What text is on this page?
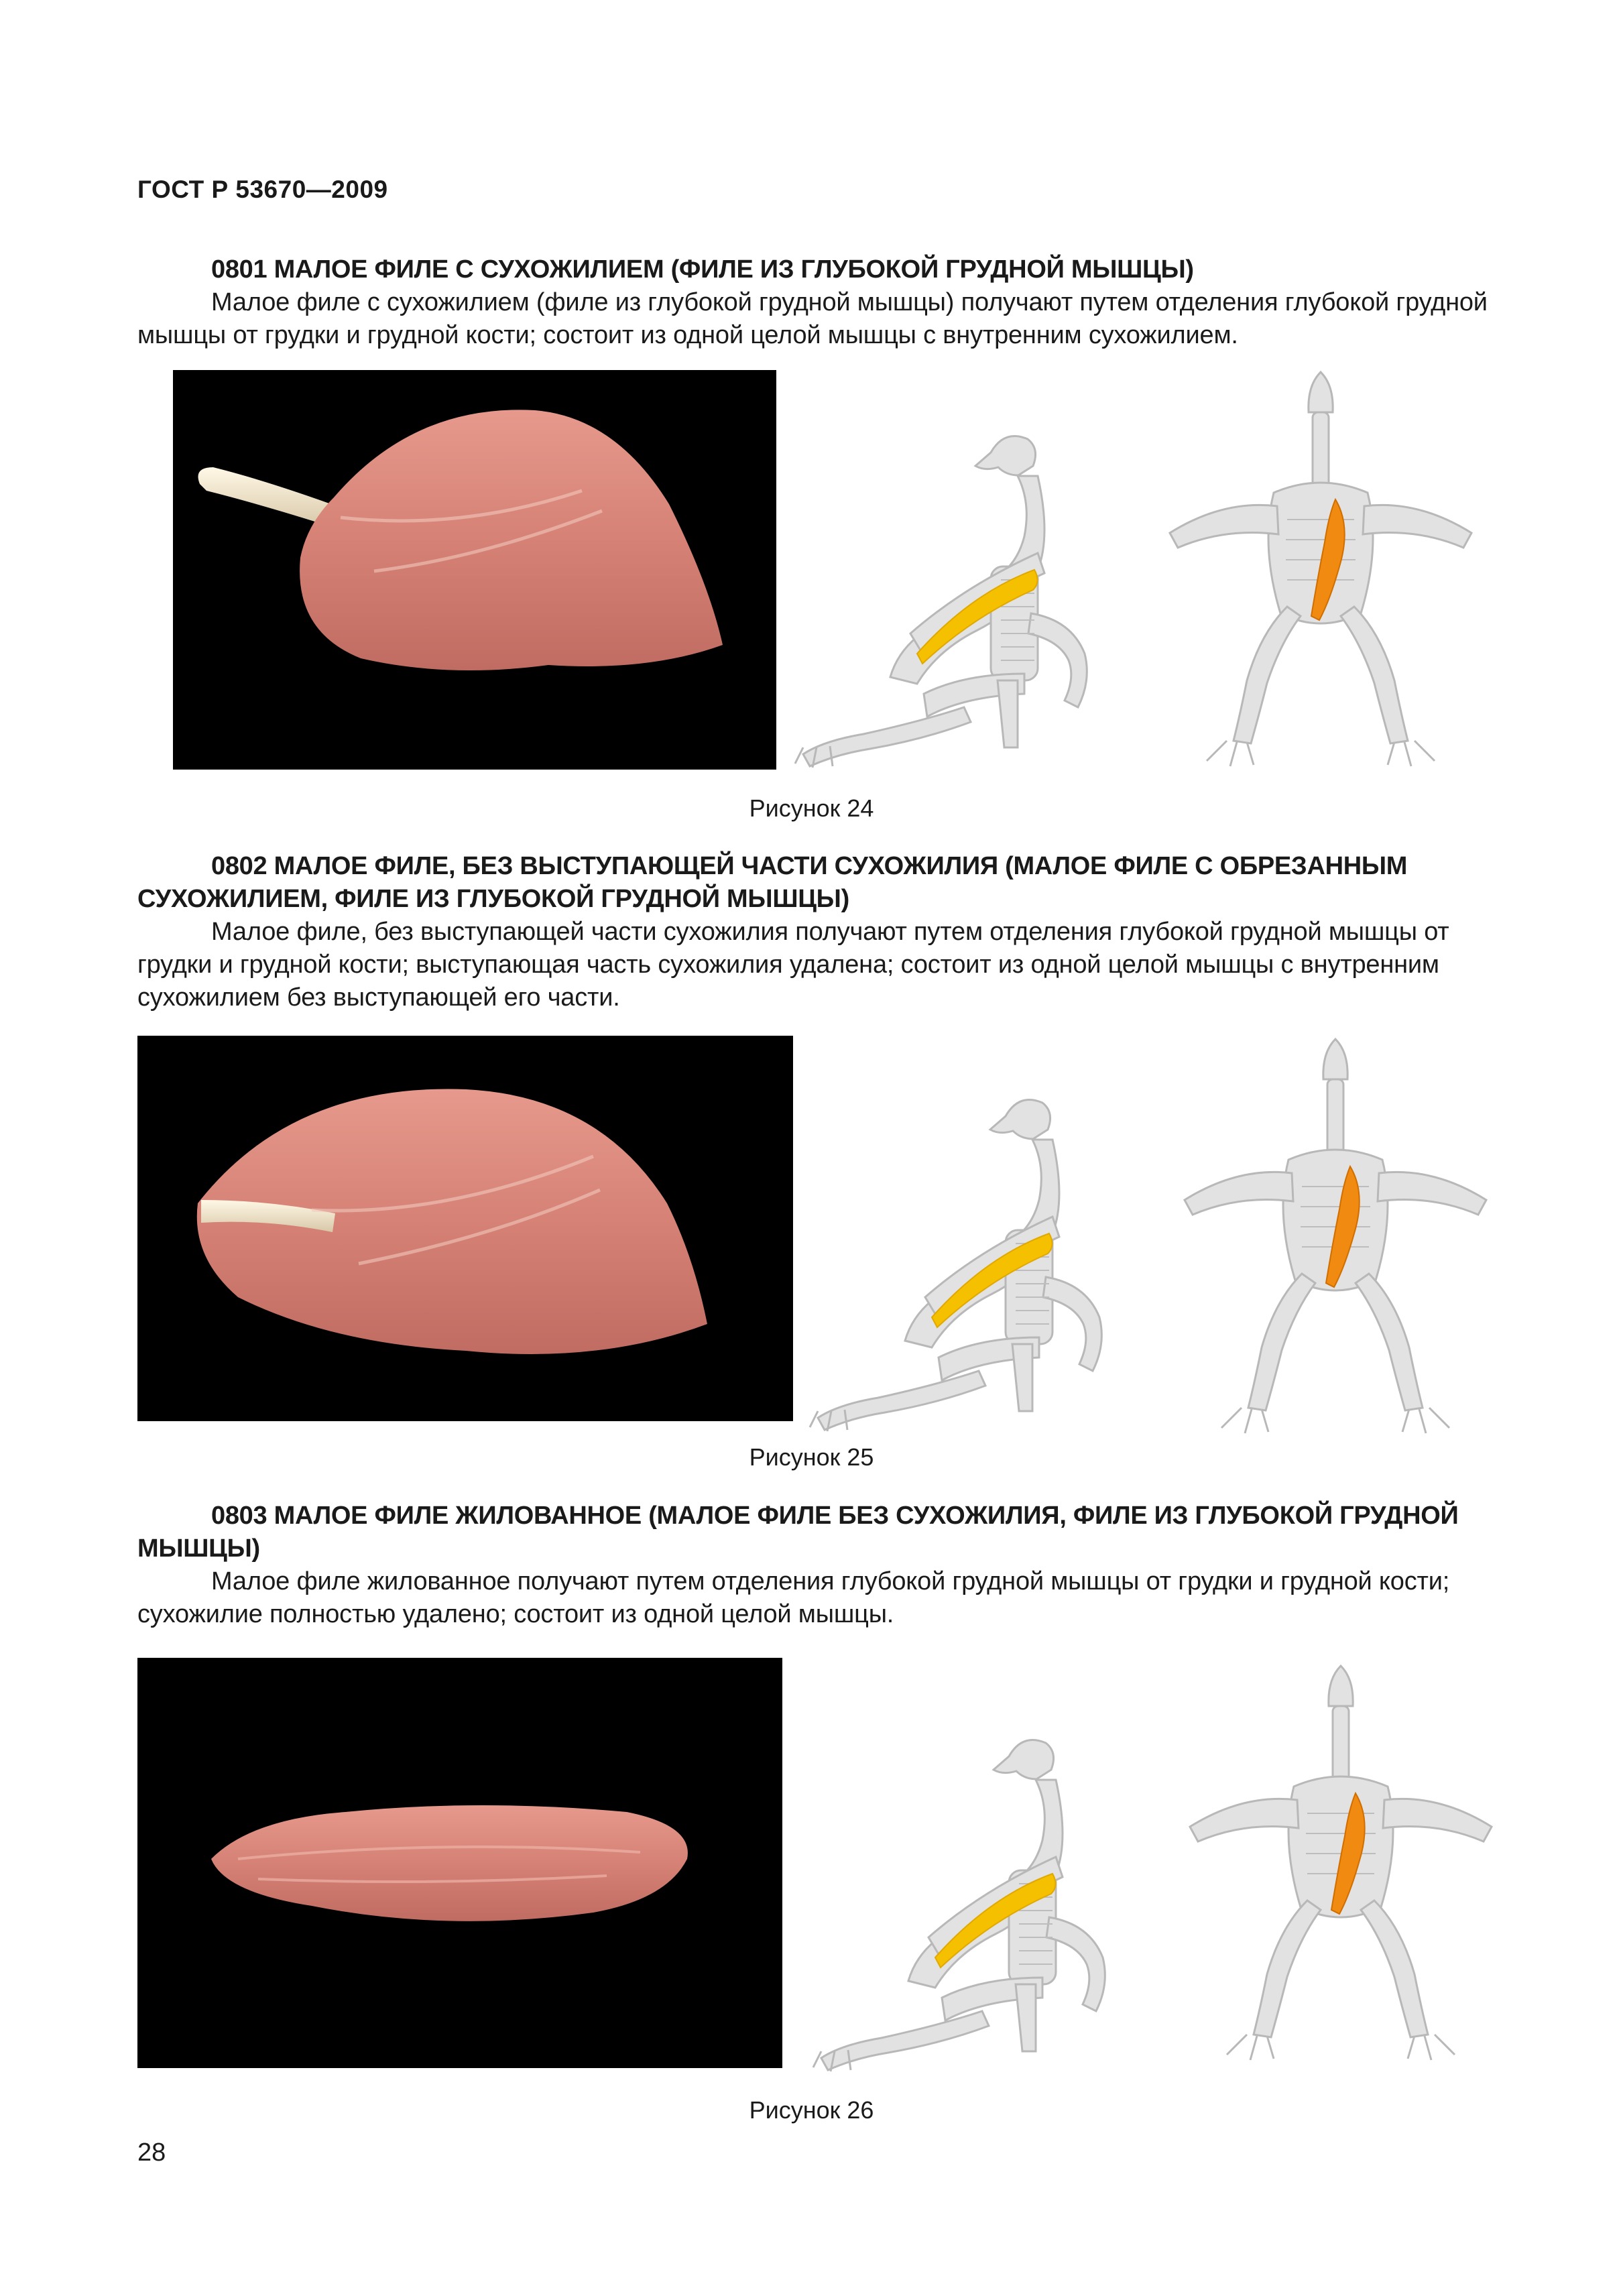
ГОСТ Р 53670—2009
0801 МАЛОЕ ФИЛЕ С СУХОЖИЛИЕМ (ФИЛЕ ИЗ ГЛУБОКОЙ ГРУДНОЙ МЫШЦЫ)
Малое филе с сухожилием (филе из глубокой грудной мышцы) получают путем отделения глубокой грудной мышцы от грудки и грудной кости; состоит из одной целой мышцы с внутренним сухожилием.
Рисунок 24
0802 МАЛОЕ ФИЛЕ, БЕЗ ВЫСТУПАЮЩЕЙ ЧАСТИ СУХОЖИЛИЯ (МАЛОЕ ФИЛЕ С ОБРЕЗАННЫМ СУХОЖИЛИЕМ, ФИЛЕ ИЗ ГЛУБОКОЙ ГРУДНОЙ МЫШЦЫ)
Малое филе, без выступающей части сухожилия получают путем отделения глубокой грудной мышцы от грудки и грудной кости; выступающая часть сухожилия удалена; состоит из одной целой мышцы с внутренним сухожилием без выступающей его части.
Рисунок 25
0803 МАЛОЕ ФИЛЕ ЖИЛОВАННОЕ (МАЛОЕ ФИЛЕ БЕЗ СУХОЖИЛИЯ, ФИЛЕ ИЗ ГЛУБОКОЙ ГРУДНОЙ МЫШЦЫ)
Малое филе жилованное получают путем отделения глубокой грудной мышцы от грудки и грудной кости; сухожилие полностью удалено; состоит из одной целой мышцы.
Рисунок 26
28
